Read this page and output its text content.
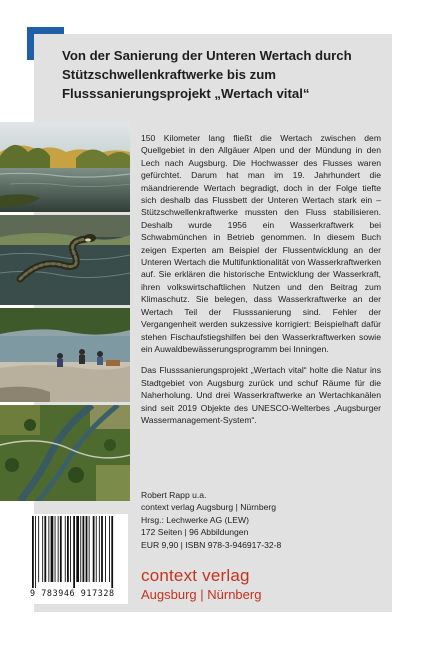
Von der Sanierung der Unteren Wertach durch Stützschwellenkraftwerke bis zum Flusssanierungsprojekt „Wertach vital“

150 Kilometer lang fließt die Wertach zwischen dem Quellgebiet in den Allgäuer Alpen und der Mündung in den Lech nach Augsburg. Die Hochwasser des Flusses waren gefürchtet. Darum hat man im 19. Jahrhundert die mäandrierende Wertach begradigt, doch in der Folge tiefte sich deshalb das Flussbett der Unteren Wertach stark ein – Stützschwellenkraftwerke mussten den Fluss stabilisieren. Deshalb wurde 1956 ein Wasserkraftwerk bei Schwabmünchen in Betrieb genommen. In diesem Buch zeigen Experten am Beispiel der Flussentwicklung an der Unteren Wertach die Multifunktionalität von Wasserkraftwerken auf. Sie erklären die historische Entwicklung der Wasserkraft, ihren volkswirtschaftlichen Nutzen und den Beitrag zum Klimaschutz. Sie belegen, dass Wasserkraftwerke an der Wertach Teil der Flusssanierung sind. Fehler der Vergangenheit werden sukzessive korrigiert: Beispielhaft dafür stehen Fischaufstiegshilfen bei den Wasserkraftwerken sowie ein Auwaldbewässerungsprogramm bei Inningen.

Das Flusssanierungsprojekt „Wertach vital“ holte die Natur ins Stadtgebiet von Augsburg zurück und schuf Räume für die Naherholung. Und drei Wasserkraftwerke an Wertachkanälen sind seit 2019 Objekte des UNESCO-Welterbes „Augsburger Wassermanagement-System“.

Robert Rapp u.a.
context verlag Augsburg | Nürnberg
Hrsg.: Lechwerke AG (LEW)
172 Seiten | 96 Abbildungen
EUR 9,90 | ISBN 978-3-946917-32-8
context verlag
Augsburg | Nürnberg
9 783946 917328
